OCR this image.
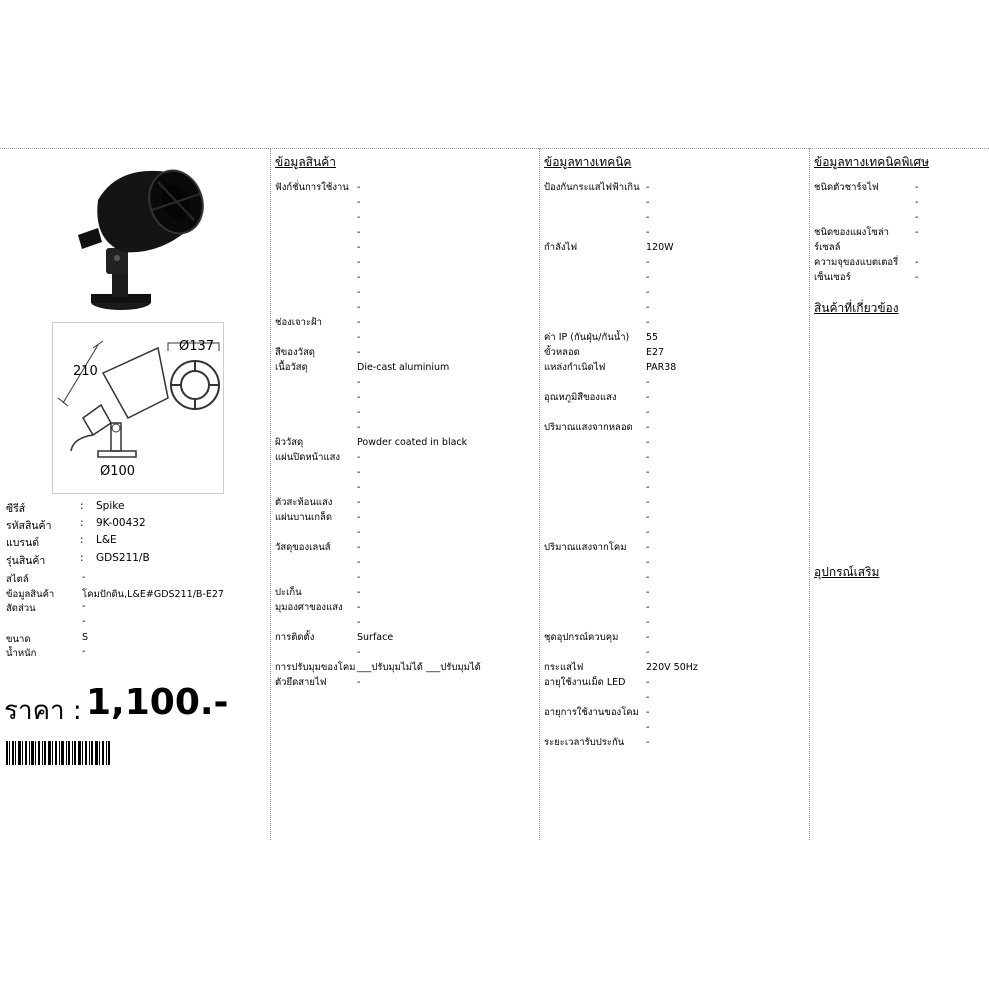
Ø137
210
Ø100
ซีรีส์	: Spike
รหัสสินค้า	: 9K-00432
แบรนด์	: L&E
รุ่นสินค้า	: GDS211/B
สไตล์	-
ข้อมูลสินค้า	โคมปักดิน,L&E#GDS211/B-E27
สัดส่วน	-
-
ขนาด	S
น้ำหนัก	-
ราคา : 1,100.-
ข้อมูลสินค้า
ฟังก์ชั่นการใช้งาน -
-
-
-
-
-
-
-
-
ช่องเจาะฝ้า	-
-
สีของวัสดุ	-
เนื้อวัสดุ	Die-cast aluminium
-
-
-
-
ผิววัสดุ	Powder coated in black
แผ่นปิดหน้าแสง -
-
-
ตัวสะท้อนแสง	-
แผ่นบานเกล็ด	-
-
วัสดุของเลนส์	-
-
-
ปะเก็น	-
มุมองศาของแสง -
-
การติดตั้ง	Surface
-
การปรับมุมของโคม ___ปรับมุมไม่ได้ ___ปรับมุมได้
ตัวยึดสายไฟ	-
ข้อมูลทางเทคนิค
ป้องกันกระแสไฟฟ้าเกิน -
-
-
-
กำลังไฟ	120W
-
-
-
-
-
ค่า IP (กันฝุ่น/กันน้ำ) 55
ขั้วหลอด	E27
แหล่งกำเนิดไฟ	PAR38
-
อุณหภูมิสีของแสง	-
-
ปริมาณแสงจากหลอด -
-
-
-
-
-
-
-
ปริมาณแสงจากโคม -
-
-
-
-
-
ชุดอุปกรณ์ควบคุม	-
-
กระแสไฟ	220V 50Hz
อายุใช้งานเม็ด LED -
-
อายุการใช้งานของโคม -
-
ระยะเวลารับประกัน -
ข้อมูลทางเทคนิคพิเศษ
ชนิดตัวชาร์จไฟ	-
-
-
ชนิดของแผงโซล่า	-
ร์เซลล์
ความจุของแบตเตอรี่ -
เซ็นเซอร์	-
สินค้าที่เกี่ยวข้อง
อุปกรณ์เสริม
